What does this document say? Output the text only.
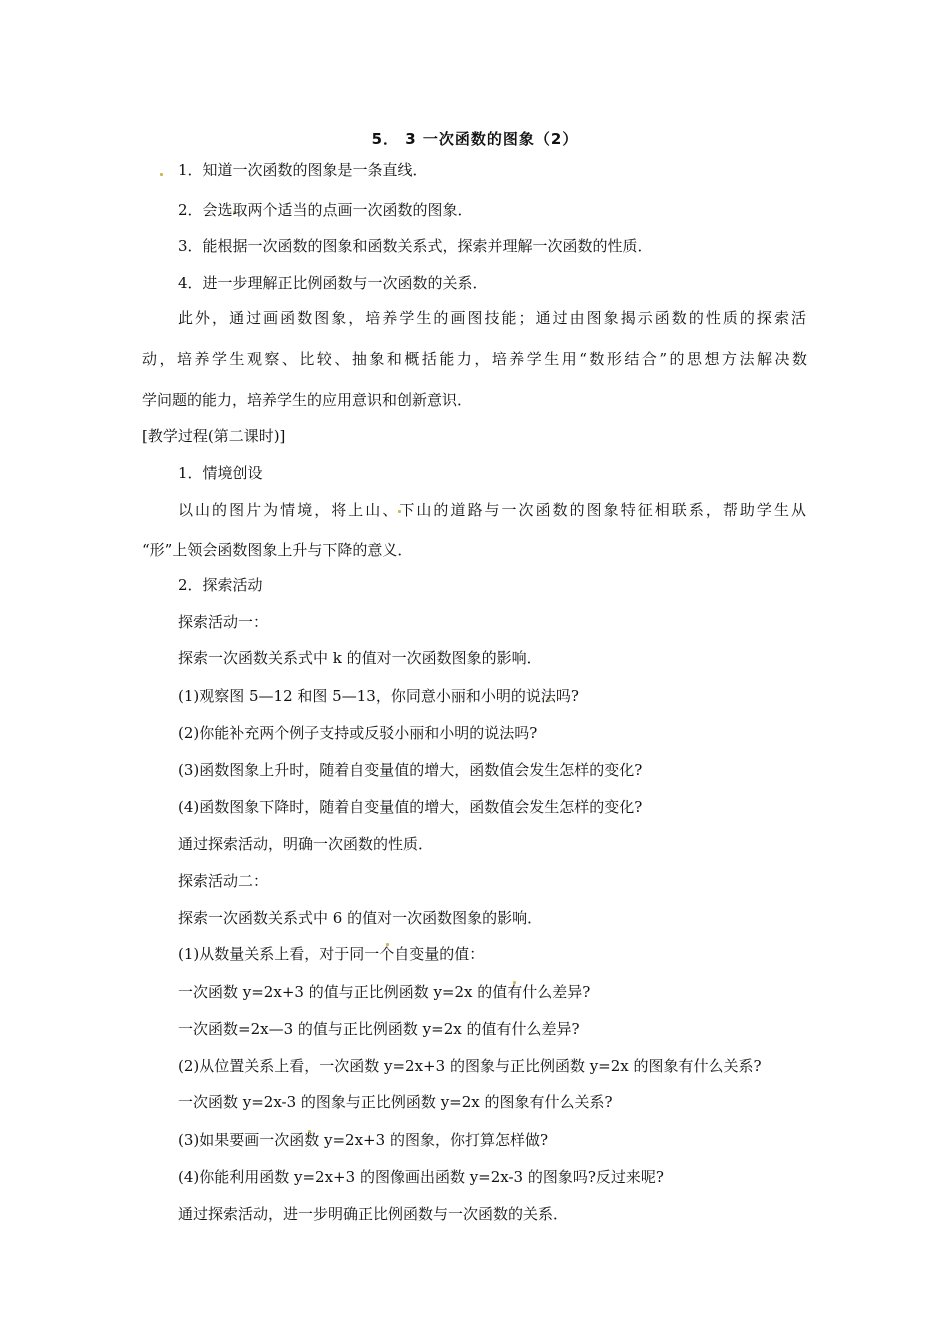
5． 3 一次函数的图象（2）
1．知道一次函数的图象是一条直线．
2．会选取两个适当的点画一次函数的图象．
3．能根据一次函数的图象和函数关系式，探索并理解一次函数的性质．
4．进一步理解正比例函数与一次函数的关系．
此外，通过画函数图象，培养学生的画图技能；通过由图象揭示函数的性质的探索活
动，培养学生观察、比较、抽象和概括能力，培养学生用“数形结合”的思想方法解决数
学问题的能力，培养学生的应用意识和创新意识．
[教学过程(第二课时)]
1．情境创设
以山的图片为情境，将上山、下山的道路与一次函数的图象特征相联系，帮助学生从
“形”上领会函数图象上升与下降的意义．
2．探索活动
探索活动一：
探索一次函数关系式中 k 的值对一次函数图象的影响．
(1)观察图 5—12 和图 5—13，你同意小丽和小明的说法吗?
(2)你能补充两个例子支持或反驳小丽和小明的说法吗?
(3)函数图象上升时，随着自变量值的增大，函数值会发生怎样的变化?
(4)函数图象下降时，随着自变量值的增大，函数值会发生怎样的变化?
通过探索活动，明确一次函数的性质．
探索活动二：
探索一次函数关系式中 6 的值对一次函数图象的影响．
(1)从数量关系上看，对于同一个自变量的值：
一次函数 y=2x+3 的值与正比例函数 y=2x 的值有什么差异?
一次函数=2x—3 的值与正比例函数 y=2x 的值有什么差异?
(2)从位置关系上看，一次函数 y=2x+3 的图象与正比例函数 y=2x 的图象有什么关系?
一次函数 y=2x-3 的图象与正比例函数 y=2x 的图象有什么关系?
(3)如果要画一次函数 y=2x+3 的图象，你打算怎样做?
(4)你能利用函数 y=2x+3 的图像画出函数 y=2x-3 的图象吗?反过来呢?
通过探索活动，进一步明确正比例函数与一次函数的关系．
